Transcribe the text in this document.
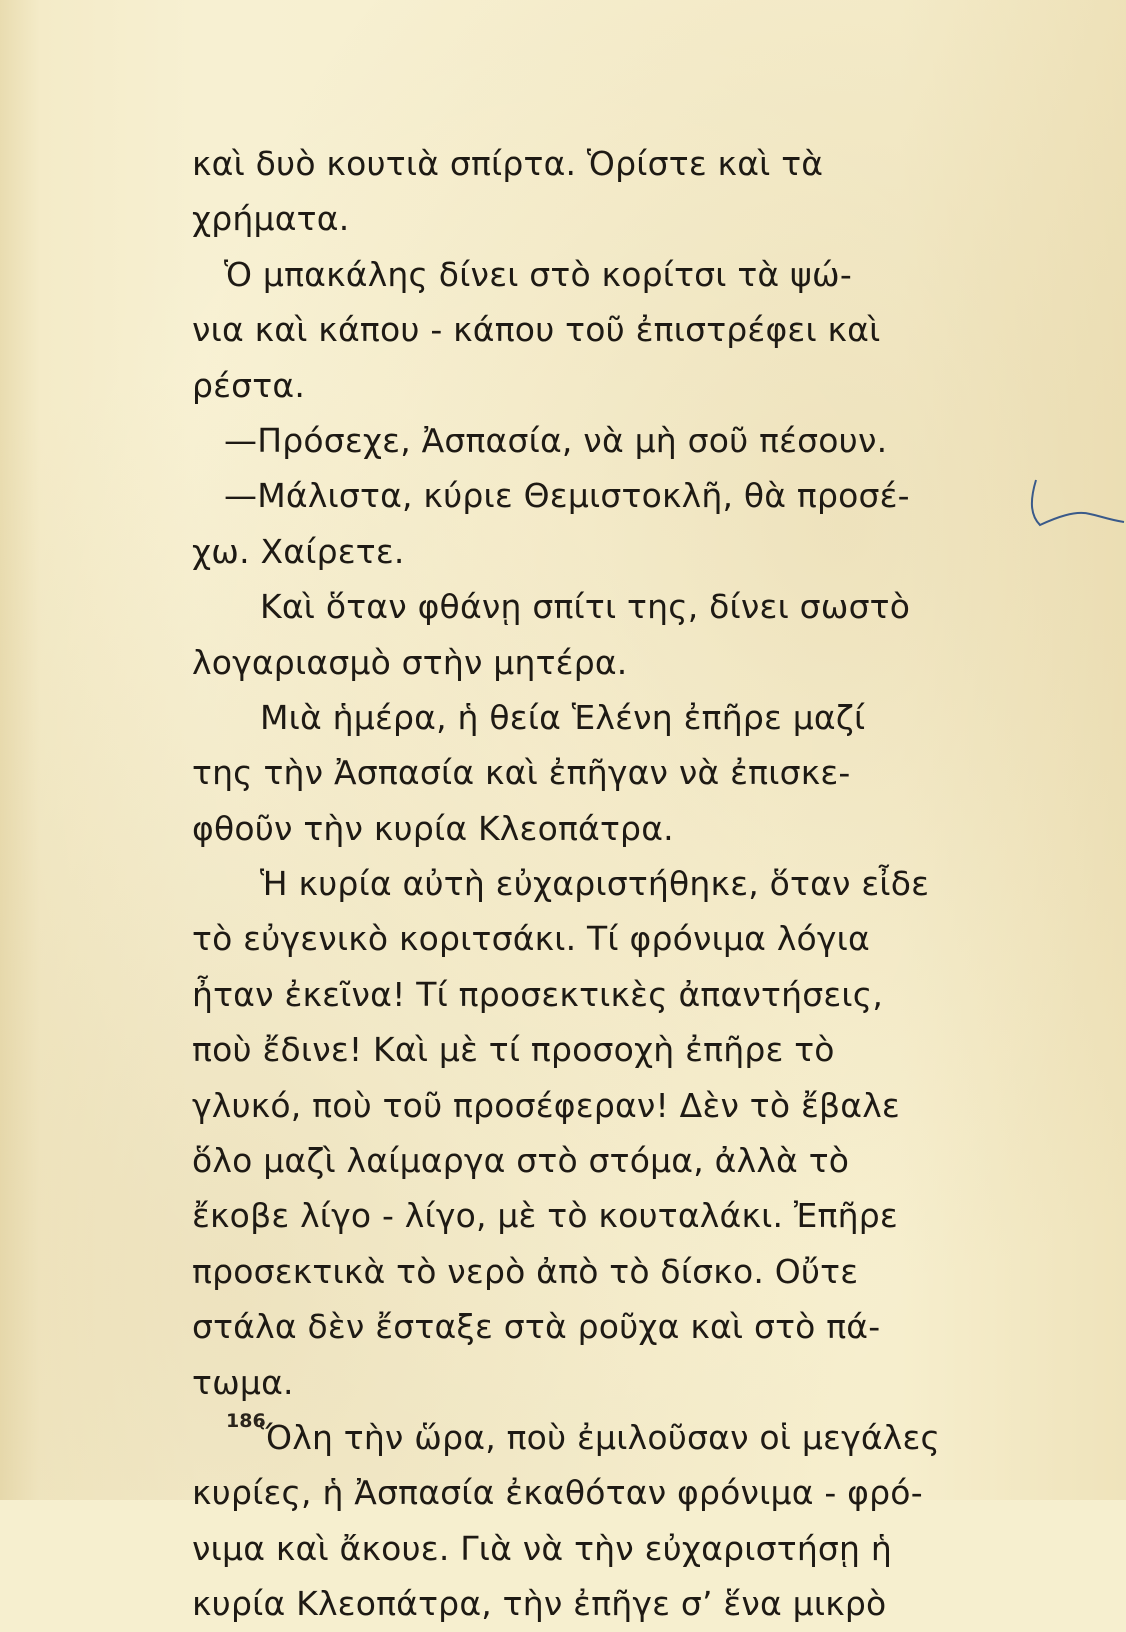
καὶ δυὸ κουτιὰ σπίρτα. Ὁρίστε καὶ τὰ
χρήματα.
Ὁ μπακάλης δίνει στὸ κορίτσι τὰ ψώ-
νια καὶ κάπου - κάπου τοῦ ἐπιστρέφει καὶ
ρέστα.
—Πρόσεχε, Ἀσπασία, νὰ μὴ σοῦ πέσουν.
—Μάλιστα, κύριε Θεμιστοκλῆ, θὰ προσέ-
χω. Χαίρετε.
Καὶ ὅταν φθάνῃ σπίτι της, δίνει σωστὸ
λογαριασμὸ στὴν μητέρα.
Μιὰ ἡμέρα, ἡ θεία Ἑλένη ἐπῆρε μαζί
της τὴν Ἀσπασία καὶ ἐπῆγαν νὰ ἐπισκε-
φθοῦν τὴν κυρία Κλεοπάτρα.
Ἡ κυρία αὐτὴ εὐχαριστήθηκε, ὅταν εἶδε
τὸ εὐγενικὸ κοριτσάκι. Τί φρόνιμα λόγια
ἦταν ἐκεῖνα! Τί προσεκτικὲς ἀπαντήσεις,
ποὺ ἔδινε! Καὶ μὲ τί προσοχὴ ἐπῆρε τὸ
γλυκό, ποὺ τοῦ προσέφεραν! Δὲν τὸ ἔβαλε
ὅλο μαζὶ λαίμαργα στὸ στόμα, ἀλλὰ τὸ
ἔκοβε λίγο - λίγο, μὲ τὸ κουταλάκι. Ἐπῆρε
προσεκτικὰ τὸ νερὸ ἀπὸ τὸ δίσκο. Οὔτε
στάλα δὲν ἔσταξε στὰ ροῦχα καὶ στὸ πά-
τωμα.
Ὅλη τὴν ὥρα, ποὺ ἐμιλοῦσαν οἱ μεγάλες
κυρίες, ἡ Ἀσπασία ἐκαθόταν φρόνιμα - φρό-
νιμα καὶ ἄκουε. Γιὰ νὰ τὴν εὐχαριστήσῃ ἡ
κυρία Κλεοπάτρα, τὴν ἐπῆγε σ’ ἕνα μικρὸ
186
